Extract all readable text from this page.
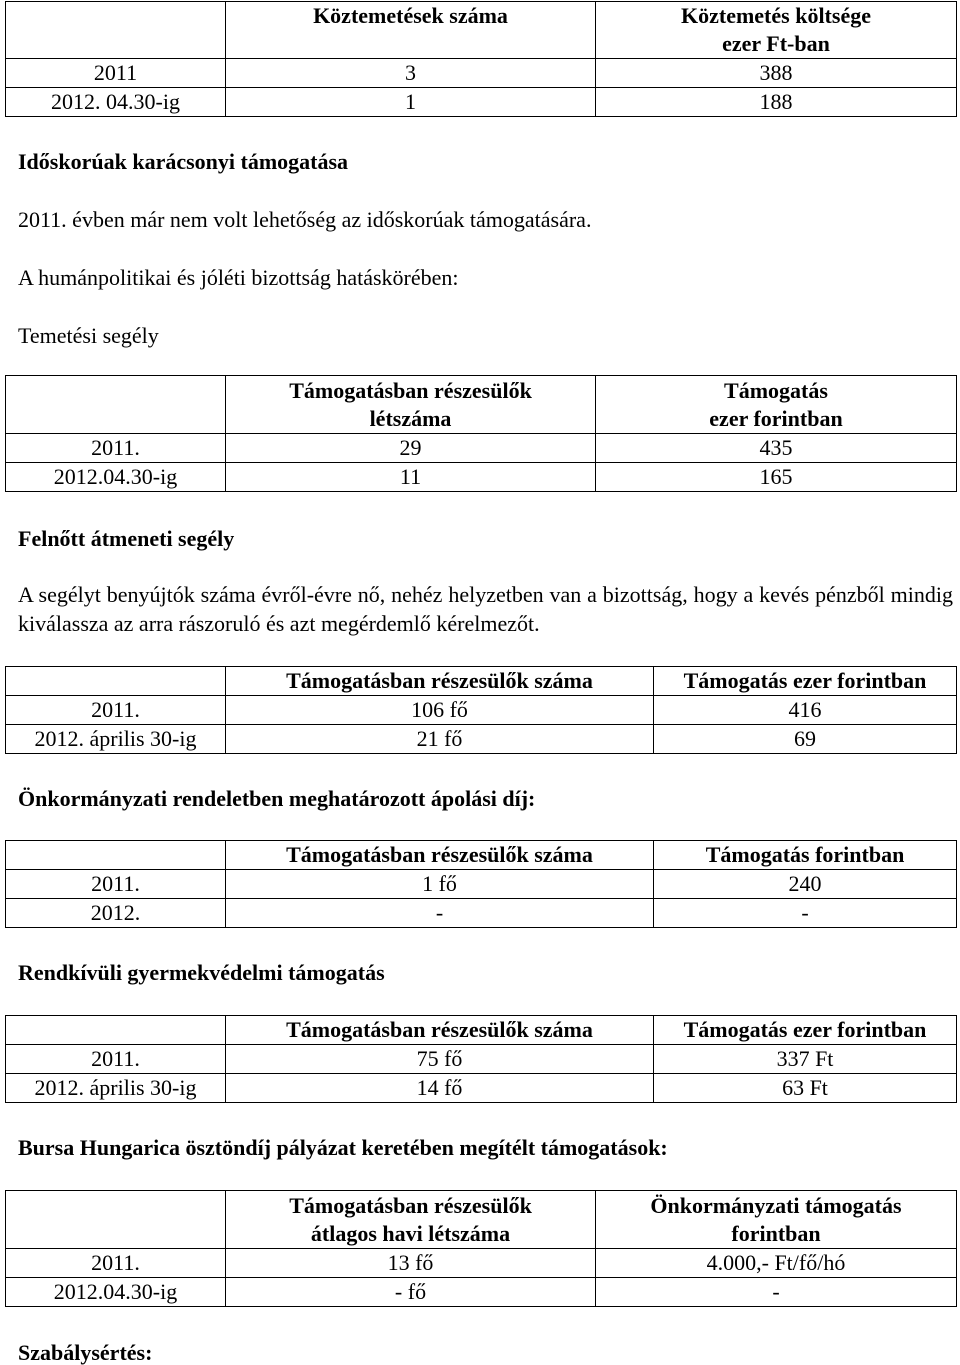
	Köztemetések száma	Köztemetés költsége
ezer Ft-ban
2011	3	388
2012. 04.30-ig	1	188

Időskorúak karácsonyi támogatása

2011. évben már nem volt lehetőség az időskorúak támogatására.

A humánpolitikai és jóléti bizottság hatáskörében:

Temetési segély

	Támogatásban részesülők
létszáma	Támogatás
ezer forintban
2011.	29	435
2012.04.30-ig	11	165

Felnőtt átmeneti segély

A segélyt benyújtók száma évről-évre nő, nehéz helyzetben van a bizottság, hogy a kevés pénzből mindig kiválassza az arra rászoruló és azt megérdemlő kérelmezőt.

	Támogatásban részesülők száma	Támogatás ezer forintban
2011.	106 fő	416
2012. április 30-ig	21 fő	69

Önkormányzati rendeletben meghatározott ápolási díj:

	Támogatásban részesülők száma	Támogatás forintban
2011.	1 fő	240
2012.	-	-

Rendkívüli gyermekvédelmi támogatás

	Támogatásban részesülők száma	Támogatás ezer forintban
2011.	75 fő	337 Ft
2012. április 30-ig	14 fő	63 Ft

Bursa Hungarica ösztöndíj pályázat keretében megítélt támogatások:

	Támogatásban részesülők
átlagos havi létszáma	Önkormányzati támogatás
forintban
2011.	13 fő	4.000,- Ft/fő/hó
2012.04.30-ig	- fő	-

Szabálysértés:
